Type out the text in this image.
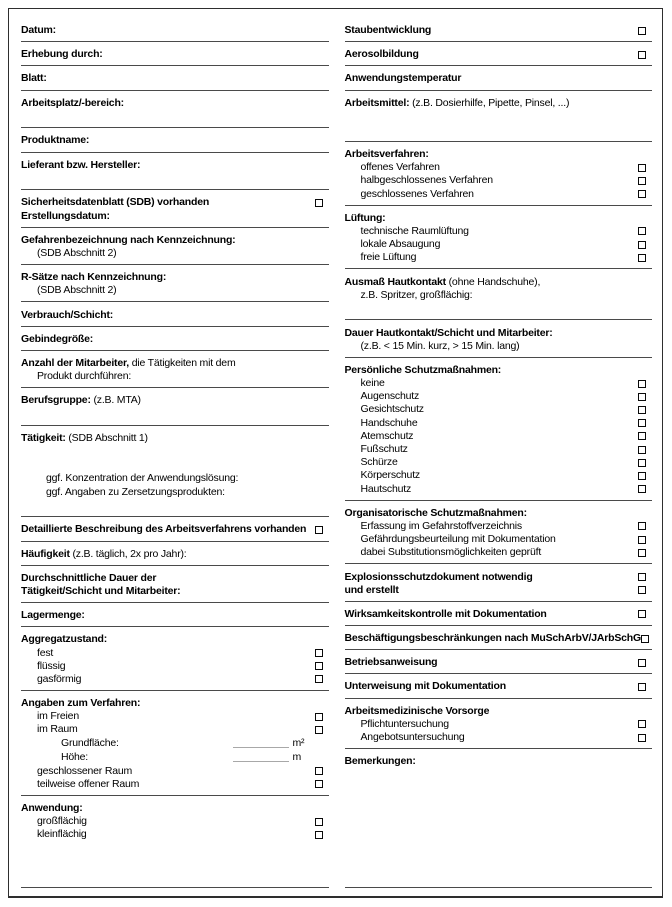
Datum:
Erhebung durch:
Blatt:
Arbeitsplatz/-bereich:
Produktname:
Lieferant bzw. Hersteller:
Sicherheitsdatenblatt (SDB) vorhanden
Erstellungsdatum:
Gefahrenbezeichnung nach Kennzeichnung:
(SDB Abschnitt 2)
R-Sätze nach Kennzeichnung:
(SDB Abschnitt 2)
Verbrauch/Schicht:
Gebindegröße:
Anzahl der Mitarbeiter, die Tätigkeiten mit dem
Produkt durchführen:
Berufsgruppe: (z.B. MTA)
Tätigkeit: (SDB Abschnitt 1)
ggf. Konzentration der Anwendungslösung:
ggf. Angaben zu Zersetzungsprodukten:
Detaillierte Beschreibung des Arbeitsverfahrens vorhanden
Häufigkeit (z.B. täglich, 2x pro Jahr):
Durchschnittliche Dauer der
Tätigkeit/Schicht und Mitarbeiter:
Lagermenge:
Aggregatzustand:
fest
flüssig
gasförmig
Angaben zum Verfahren:
im Freien
im Raum
Grundfläche:	m²
Höhe:	m
geschlossener Raum
teilweise offener Raum
Anwendung:
großflächig
kleinflächig
Staubentwicklung
Aerosolbildung
Anwendungstemperatur
Arbeitsmittel: (z.B. Dosierhilfe, Pipette, Pinsel, ...)
Arbeitsverfahren:
offenes Verfahren
halbgeschlossenes Verfahren
geschlossenes Verfahren
Lüftung:
technische Raumlüftung
lokale Absaugung
freie Lüftung
Ausmaß Hautkontakt (ohne Handschuhe),
z.B. Spritzer, großflächig:
Dauer Hautkontakt/Schicht und Mitarbeiter:
(z.B. < 15 Min. kurz, > 15 Min. lang)
Persönliche Schutzmaßnahmen:
keine
Augenschutz
Gesichtschutz
Handschuhe
Atemschutz
Fußschutz
Schürze
Körperschutz
Hautschutz
Organisatorische Schutzmaßnahmen:
Erfassung im Gefahrstoffverzeichnis
Gefährdungsbeurteilung mit Dokumentation
dabei Substitutionsmöglichkeiten geprüft
Explosionsschutzdokument notwendig
und erstellt
Wirksamkeitskontrolle mit Dokumentation
Beschäftigungsbeschränkungen nach MuSchArbV/JArbSchG
Betriebsanweisung
Unterweisung mit Dokumentation
Arbeitsmedizinische Vorsorge
Pflichtuntersuchung
Angebotsuntersuchung
Bemerkungen:
